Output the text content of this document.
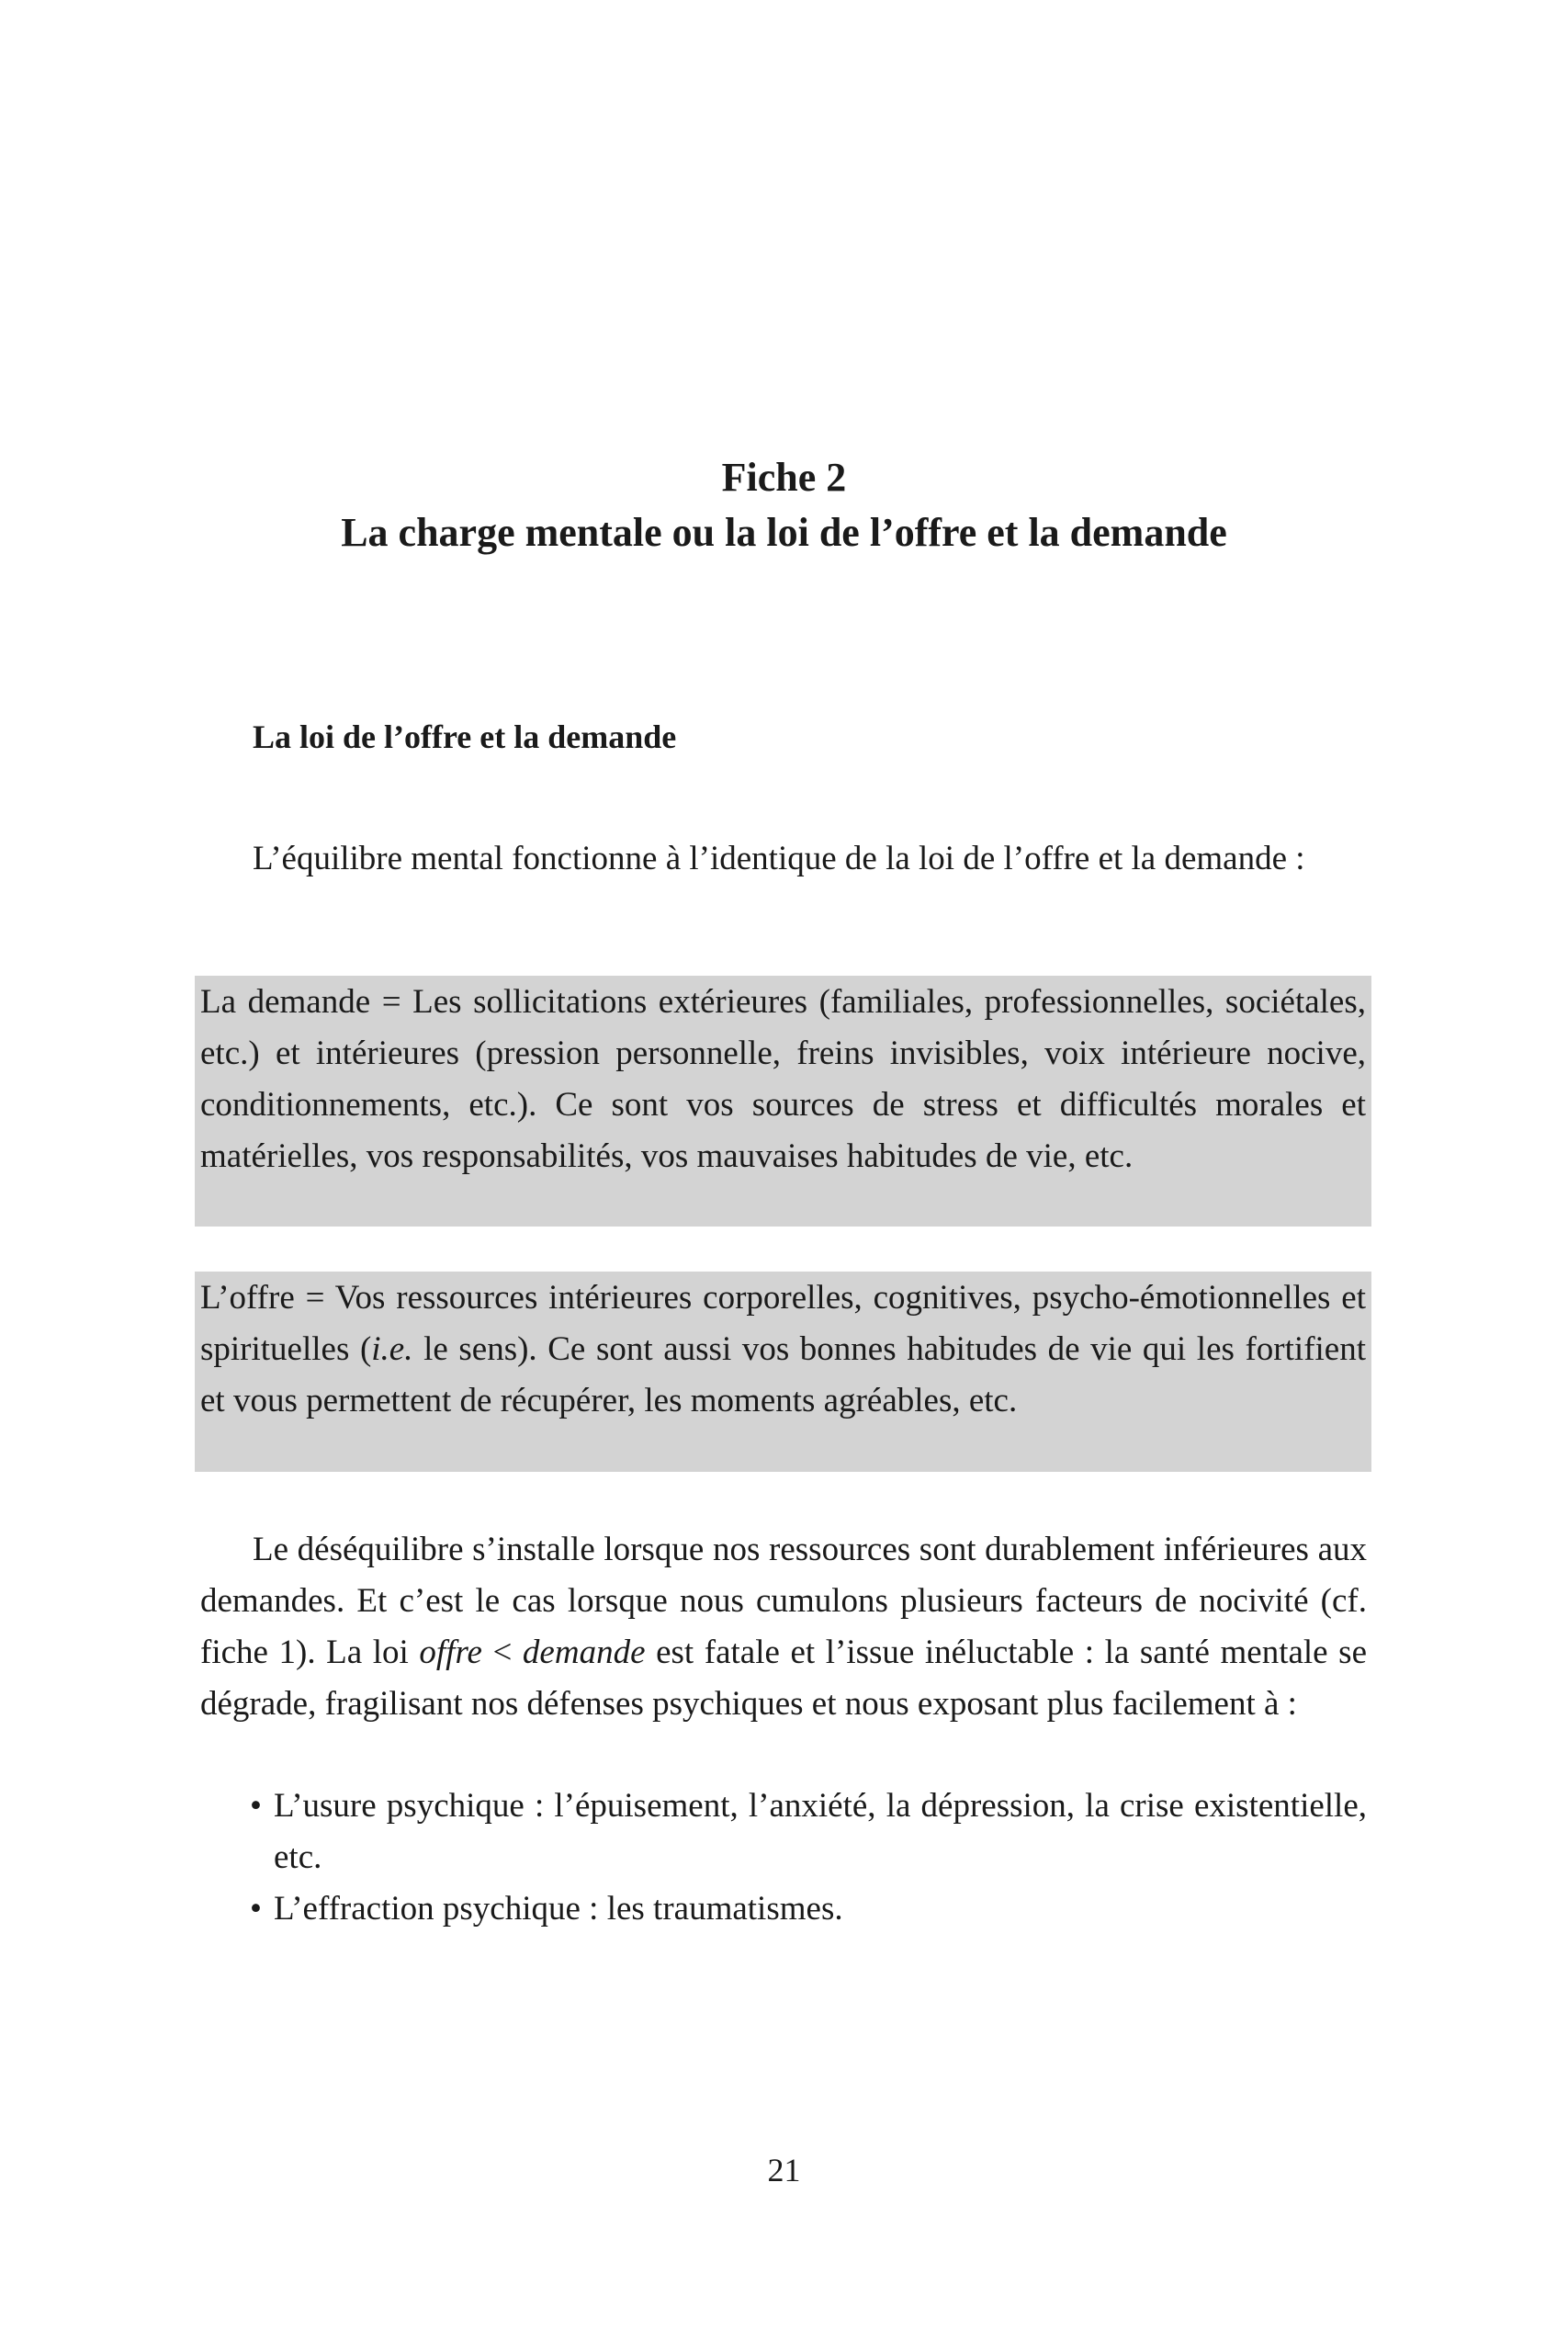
Fiche 2
La charge mentale ou la loi de l’offre et la demande
La loi de l’offre et la demande

L’équilibre mental fonctionne à l’identique de la loi de l’offre et la demande :

La demande = Les sollicitations extérieures (familiales, professionnelles, sociétales, etc.) et intérieures (pression personnelle, freins invisibles, voix intérieure nocive, conditionnements, etc.). Ce sont vos sources de stress et difficultés morales et matérielles, vos responsabilités, vos mauvaises habitudes de vie, etc.

L’offre = Vos ressources intérieures corporelles, cognitives, psycho-émotionnelles et spirituelles (i.e. le sens). Ce sont aussi vos bonnes habitudes de vie qui les fortifient et vous permettent de récupérer, les moments agréables, etc.

Le déséquilibre s’installe lorsque nos ressources sont durablement inférieures aux demandes. Et c’est le cas lorsque nous cumulons plusieurs facteurs de nocivité (cf. fiche 1). La loi offre < demande est fatale et l’issue inéluctable : la santé mentale se dégrade, fragilisant nos défenses psychiques et nous exposant plus facilement à :

• L’usure psychique : l’épuisement, l’anxiété, la dépression, la crise existentielle, etc.
• L’effraction psychique : les traumatismes.
21
